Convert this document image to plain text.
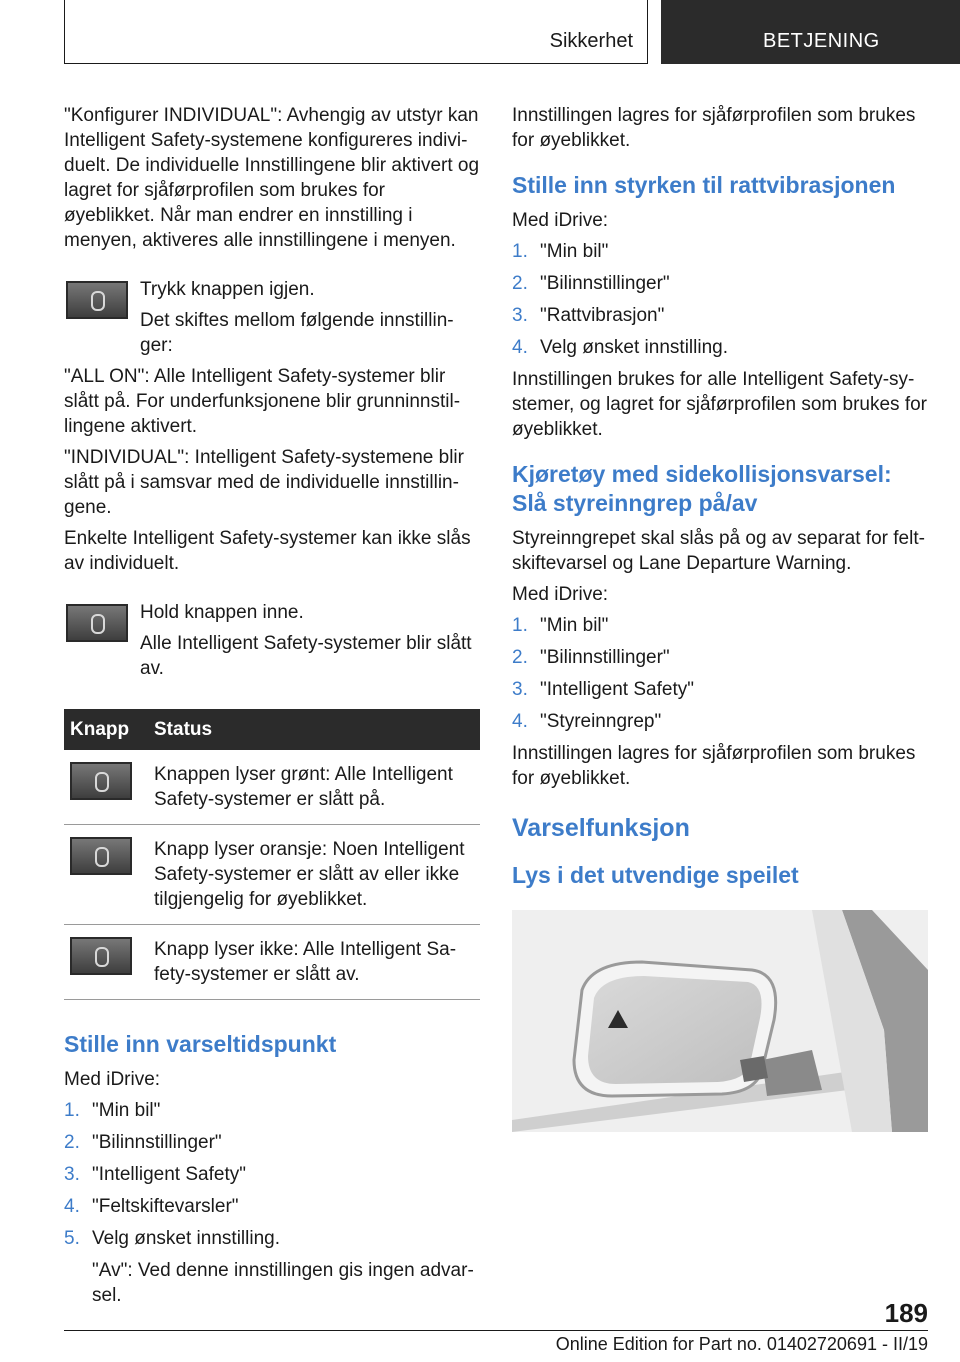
Sikkerhet	BETJENING

"Konfigurer INDIVIDUAL": Avhengig av utstyr kan Intelligent Safety-systemene konfigureres individuelt. De individuelle Innstillingene blir aktivert og lagret for sjåførprofilen som brukes for øyeblikket. Når man endrer en innstilling i menyen, aktiveres alle innstillingene i menyen.

Trykk knappen igjen.

Det skiftes mellom følgende innstillinger:

"ALL ON": Alle Intelligent Safety-systemer blir slått på. For underfunksjonene blir grunninnstillingene aktivert.

"INDIVIDUAL": Intelligent Safety-systemene blir slått på i samsvar med de individuelle innstillingene.

Enkelte Intelligent Safety-systemer kan ikke slås av individuelt.

Hold knappen inne.

Alle Intelligent Safety-systemer blir slått av.

Knapp	Status
	Knappen lyser grønt: Alle Intelligent Safety-systemer er slått på.
	Knapp lyser oransje: Noen Intelligent Safety-systemer er slått av eller ikke tilgjengelig for øyeblikket.
	Knapp lyser ikke: Alle Intelligent Safety-systemer er slått av.
Stille inn varseltidspunkt

Med iDrive:

1. "Min bil"
2. "Bilinnstillinger"
3. "Intelligent Safety"
4. "Feltskiftevarsler"
5. Velg ønsket innstilling.

"Av": Ved denne innstillingen gis ingen advarsel.

Innstillingen lagres for sjåførprofilen som brukes for øyeblikket.

Stille inn styrken til rattvibrasjonen

Med iDrive:

1. "Min bil"
2. "Bilinnstillinger"
3. "Rattvibrasjon"
4. Velg ønsket innstilling.

Innstillingen brukes for alle Intelligent Safety-systemer, og lagret for sjåførprofilen som brukes for øyeblikket.

Kjøretøy med sidekollisjonsvarsel: Slå styreinngrep på/av

Styreinngrepet skal slås på og av separat for feltskiftevarsel og Lane Departure Warning.

Med iDrive:

1. "Min bil"
2. "Bilinnstillinger"
3. "Intelligent Safety"
4. "Styreinngrep"

Innstillingen lagres for sjåførprofilen som brukes for øyeblikket.

Varselfunksjon
Lys i det utvendige speilet
189
Online Edition for Part no. 01402720691 - II/19
